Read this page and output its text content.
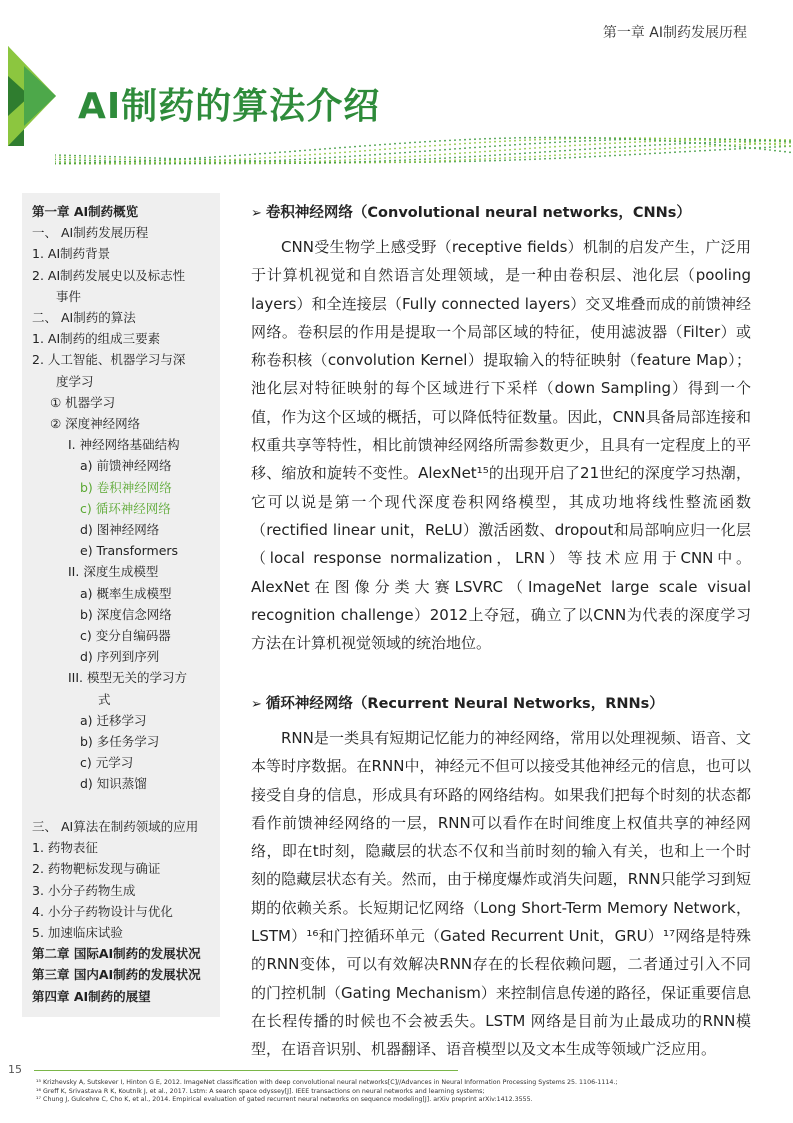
第一章 AI制药发展历程
AI制药的算法介绍
第一章 AI制药概览
一、 AI制药发展历程
1. AI制药背景
2. AI制药发展史以及标志性
事件
二、 AI制药的算法
1. AI制药的组成三要素
2. 人工智能、机器学习与深
度学习
① 机器学习
② 深度神经网络
I. 神经网络基础结构
a) 前馈神经网络
b) 卷积神经网络
c) 循环神经网络
d) 图神经网络
e) Transformers
II. 深度生成模型
a) 概率生成模型
b) 深度信念网络
c) 变分自编码器
d) 序列到序列
III. 模型无关的学习方
式
a) 迁移学习
b) 多任务学习
c) 元学习
d) 知识蒸馏

三、 AI算法在制药领域的应用
1. 药物表征
2. 药物靶标发现与确证
3. 小分子药物生成
4. 小分子药物设计与优化
5. 加速临床试验
第二章 国际AI制药的发展状况
第三章 国内AI制药的发展状况
第四章 AI制药的展望

➢ 卷积神经网络（Convolutional neural networks，CNNs）

CNN受生物学上感受野（receptive fields）机制的启发产生，广泛用于计算机视觉和自然语言处理领域，是一种由卷积层、池化层（pooling layers）和全连接层（Fully connected layers）交叉堆叠而成的前馈神经网络。卷积层的作用是提取一个局部区域的特征，使用滤波器（Filter）或称卷积核（convolution Kernel）提取输入的特征映射（feature Map）；池化层对特征映射的每个区域进行下采样（down Sampling）得到一个值，作为这个区域的概括，可以降低特征数量。因此，CNN具备局部连接和权重共享等特性，相比前馈神经网络所需参数更少，且具有一定程度上的平移、缩放和旋转不变性。AlexNet¹⁵的出现开启了21世纪的深度学习热潮，它可以说是第一个现代深度卷积网络模型，其成功地将线性整流函数（rectified linear unit，ReLU）激活函数、dropout和局部响应归一化层（local response normalization，LRN）等技术应用于CNN中。AlexNet在图像分类大赛LSVRC（ImageNet large scale visual recognition challenge）2012上夺冠，确立了以CNN为代表的深度学习方法在计算机视觉领域的统治地位。

➢ 循环神经网络（Recurrent Neural Networks，RNNs）

RNN是一类具有短期记忆能力的神经网络，常用以处理视频、语音、文本等时序数据。在RNN中，神经元不但可以接受其他神经元的信息，也可以接受自身的信息，形成具有环路的网络结构。如果我们把每个时刻的状态都看作前馈神经网络的一层，RNN可以看作在时间维度上权值共享的神经网络，即在t时刻，隐藏层的状态不仅和当前时刻的输入有关，也和上一个时刻的隐藏层状态有关。然而，由于梯度爆炸或消失问题，RNN只能学习到短期的依赖关系。长短期记忆网络（Long Short-Term Memory Network，LSTM）¹⁶和门控循环单元（Gated Recurrent Unit，GRU）¹⁷网络是特殊的RNN变体，可以有效解决RNN存在的长程依赖问题，二者通过引入不同的门控机制（Gating Mechanism）来控制信息传递的路径，保证重要信息在长程传播的时候也不会被丢失。LSTM 网络是目前为止最成功的RNN模型，在语音识别、机器翻译、语音模型以及文本生成等领域广泛应用。

15
¹⁵ Krizhevsky A, Sutskever I, Hinton G E, 2012. ImageNet classification with deep convolutional neural networks[C]//Advances in Neural Information Processing Systems 25. 1106-1114.;
¹⁶ Greff K, Srivastava R K, Koutník J, et al., 2017. Lstm: A search space odyssey[J]. IEEE transactions on neural networks and learning systems;
¹⁷ Chung J, Gulcehre C, Cho K, et al., 2014. Empirical evaluation of gated recurrent neural networks on sequence modeling[J]. arXiv preprint arXiv:1412.3555.
